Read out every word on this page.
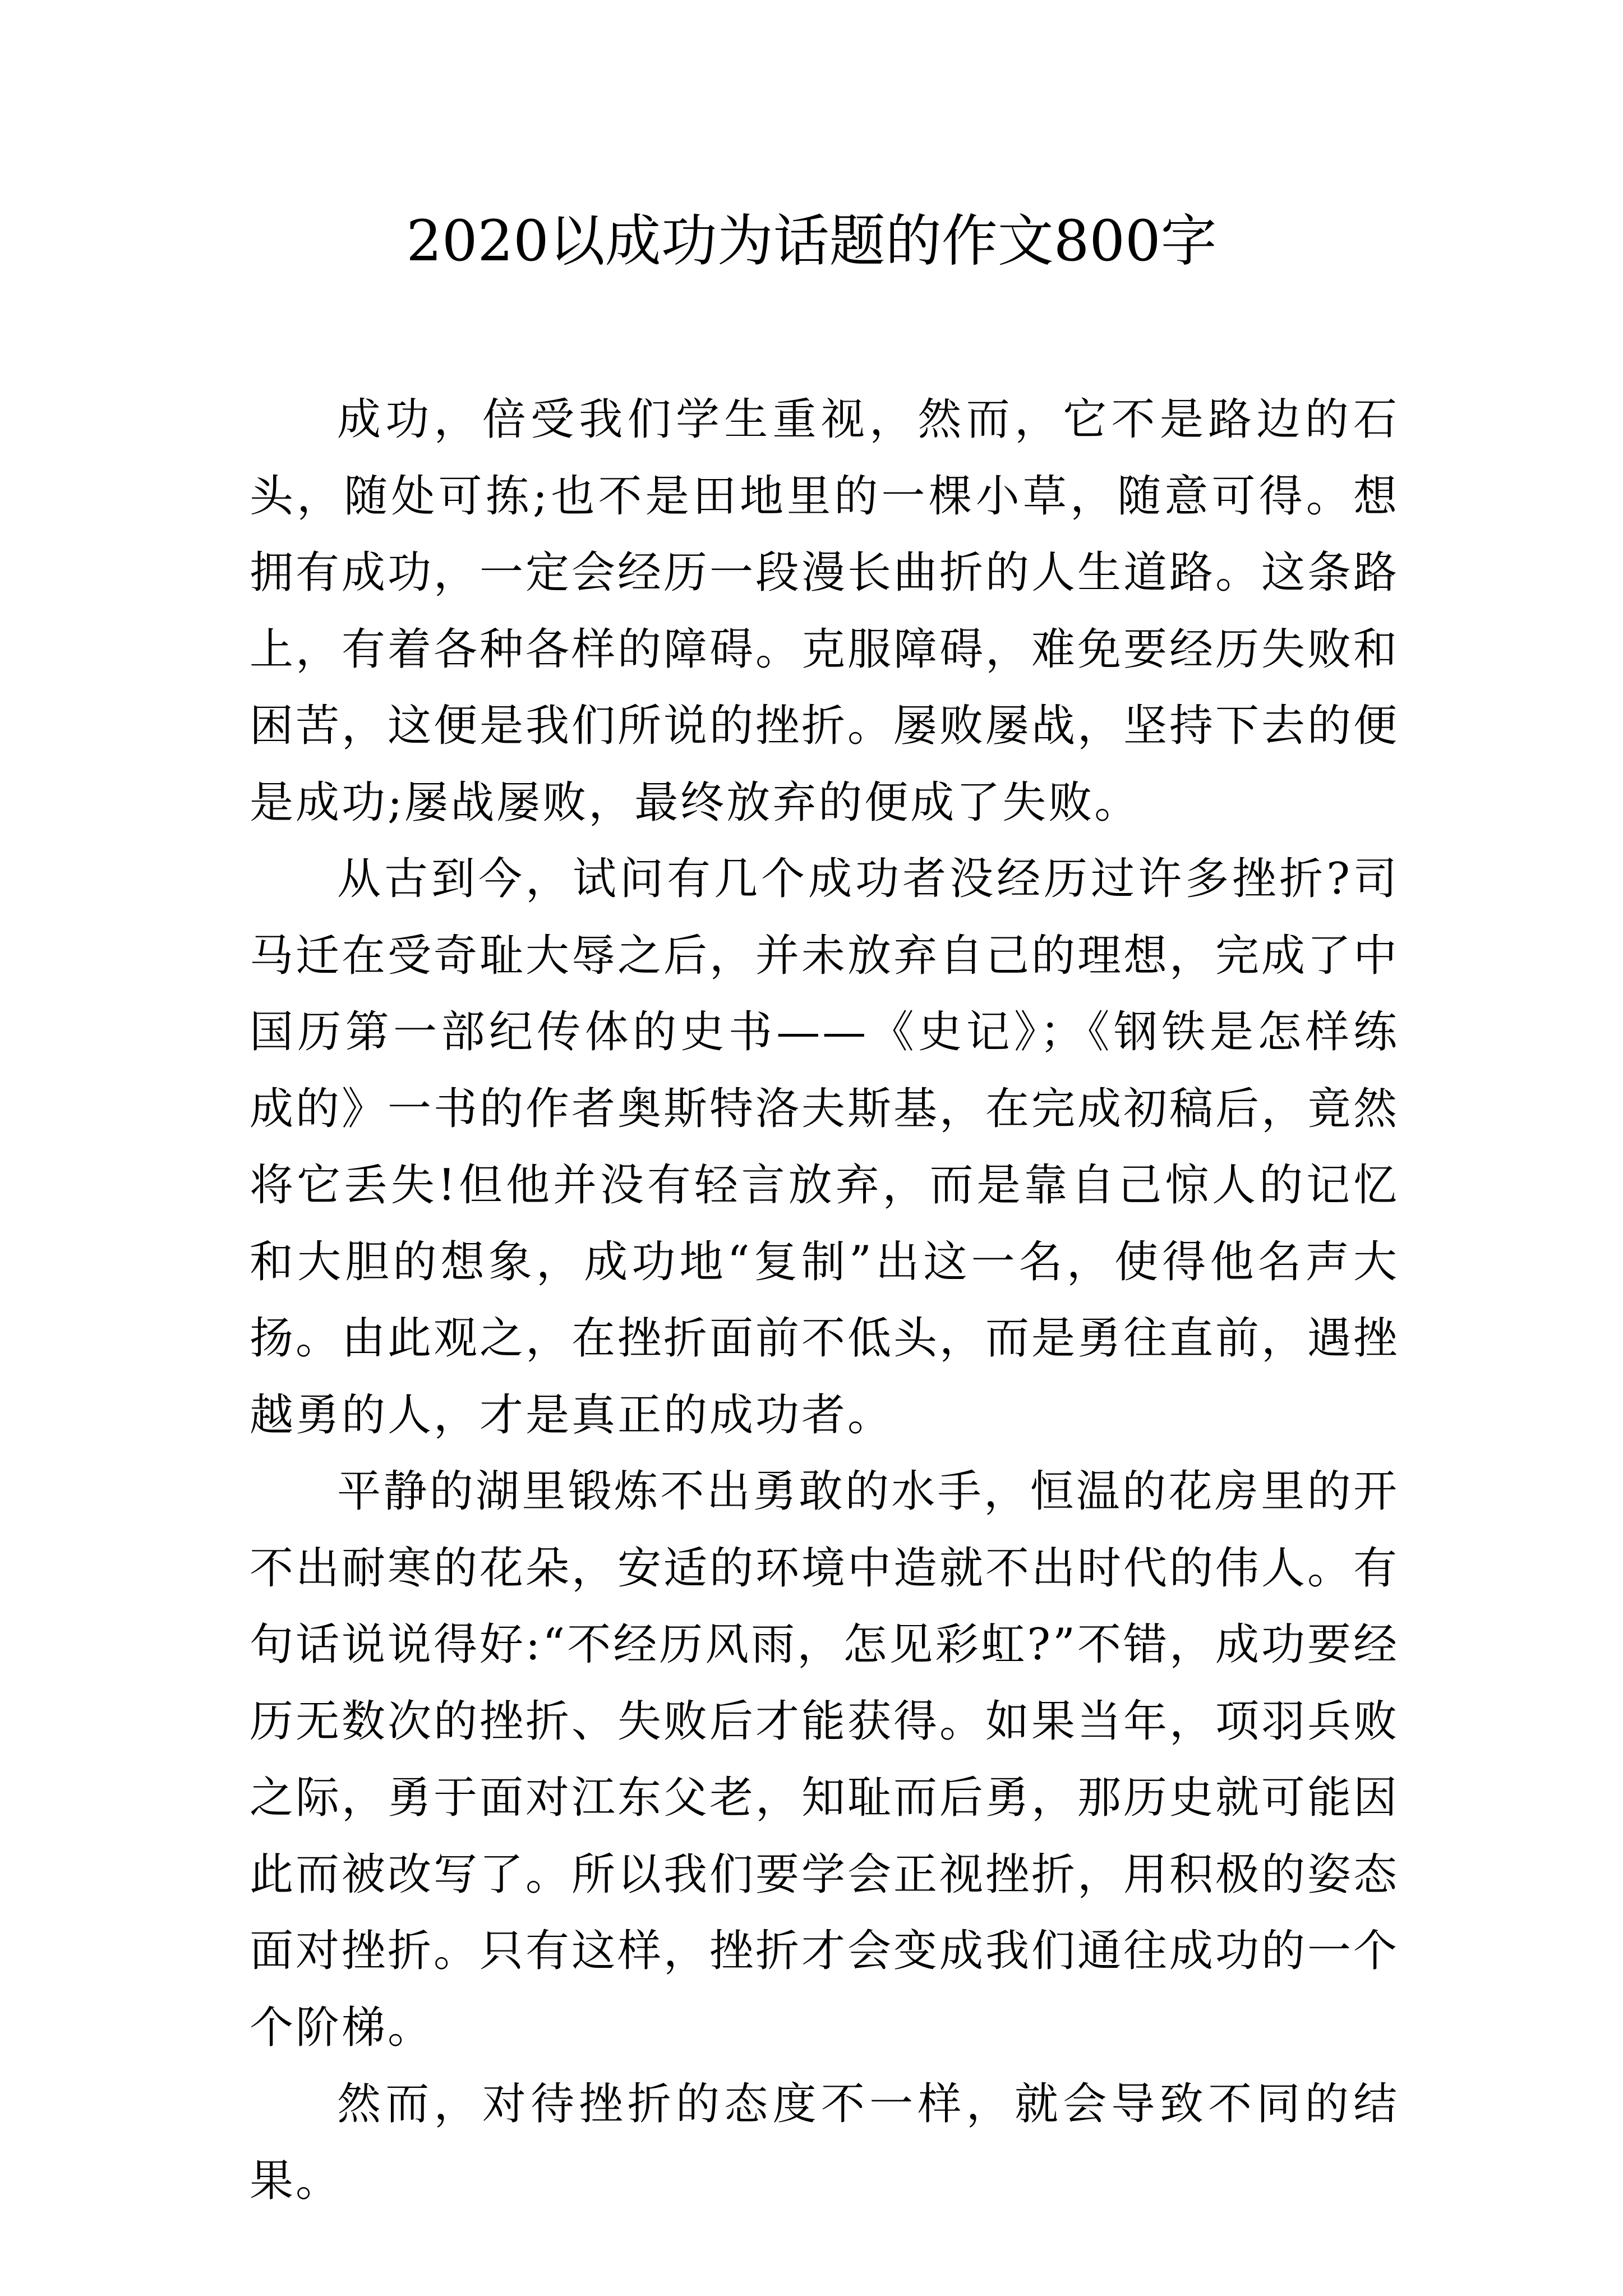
2020以成功为话题的作文800字

成功，倍受我们学生重视，然而，它不是路边的石头，随处可拣;也不是田地里的一棵小草，随意可得。想拥有成功，一定会经历一段漫长曲折的人生道路。这条路上，有着各种各样的障碍。克服障碍，难免要经历失败和困苦，这便是我们所说的挫折。屡败屡战，坚持下去的便是成功;屡战屡败，最终放弃的便成了失败。

从古到今，试问有几个成功者没经历过许多挫折?司马迁在受奇耻大辱之后，并未放弃自己的理想，完成了中国历第一部纪传体的史书——《史记》；《钢铁是怎样练成的》一书的作者奥斯特洛夫斯基，在完成初稿后，竟然将它丢失!但他并没有轻言放弃，而是靠自己惊人的记忆和大胆的想象，成功地“复制”出这一名，使得他名声大扬。由此观之，在挫折面前不低头，而是勇往直前，遇挫越勇的人，才是真正的成功者。

平静的湖里锻炼不出勇敢的水手，恒温的花房里的开不出耐寒的花朵，安适的环境中造就不出时代的伟人。有句话说说得好:“不经历风雨，怎见彩虹?”不错，成功要经历无数次的挫折、失败后才能获得。如果当年，项羽兵败之际，勇于面对江东父老，知耻而后勇，那历史就可能因此而被改写了。所以我们要学会正视挫折，用积极的姿态面对挫折。只有这样，挫折才会变成我们通往成功的一个个阶梯。

然而，对待挫折的态度不一样，就会导致不同的结果。
